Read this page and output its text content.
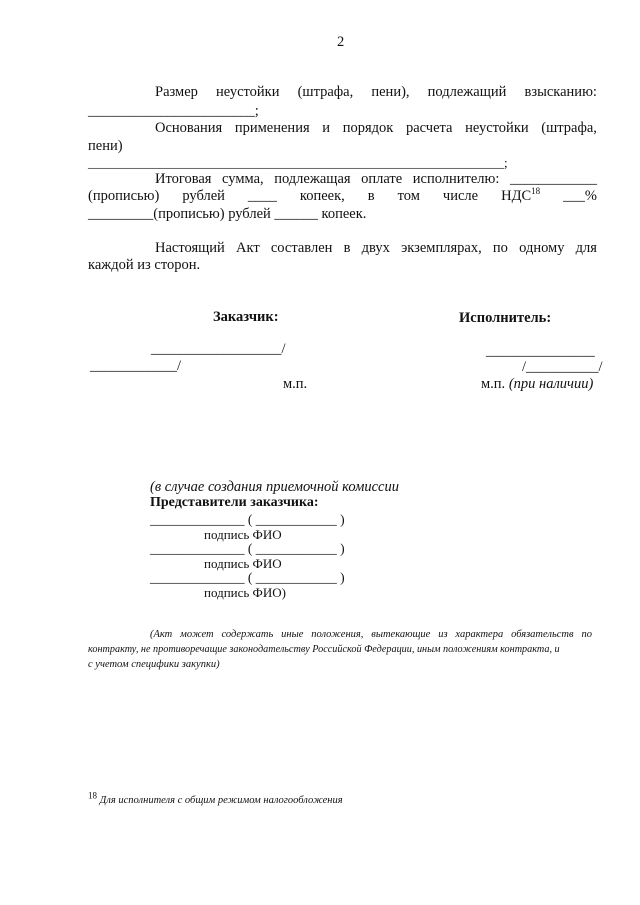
2
Размер неустойки (штрафа, пени), подлежащий взысканию:
_______________________;
Основания применения и порядок расчета неустойки (штрафа,
пени)
________________________________________________________________;
Итоговая сумма, подлежащая оплате исполнителю: ____________
(прописью) рублей ____ копеек, в том числе НДС$^{18}$ ___%
_________(прописью) рублей ______ копеек.
Настоящий Акт составлен в двух экземплярах, по одному для
каждой из сторон.
Заказчик:	Исполнитель:
__________________/
____________/
м.п.
_______________
/__________/
м.п. (при наличии)
(в случае создания приемочной комиссии
Представители заказчика:
______________ ( ____________ )
подпись ФИО
______________ ( ____________ )
подпись ФИО
______________ ( ____________ )
подпись ФИО)
(Акт может содержать иные положения, вытекающие из характера обязательств по
контракту, не противоречащие законодательству Российской Федерации, иным положениям контракта, и
с учетом специфики закупки)
$^{18}$ Для исполнителя с общим режимом налогообложения
